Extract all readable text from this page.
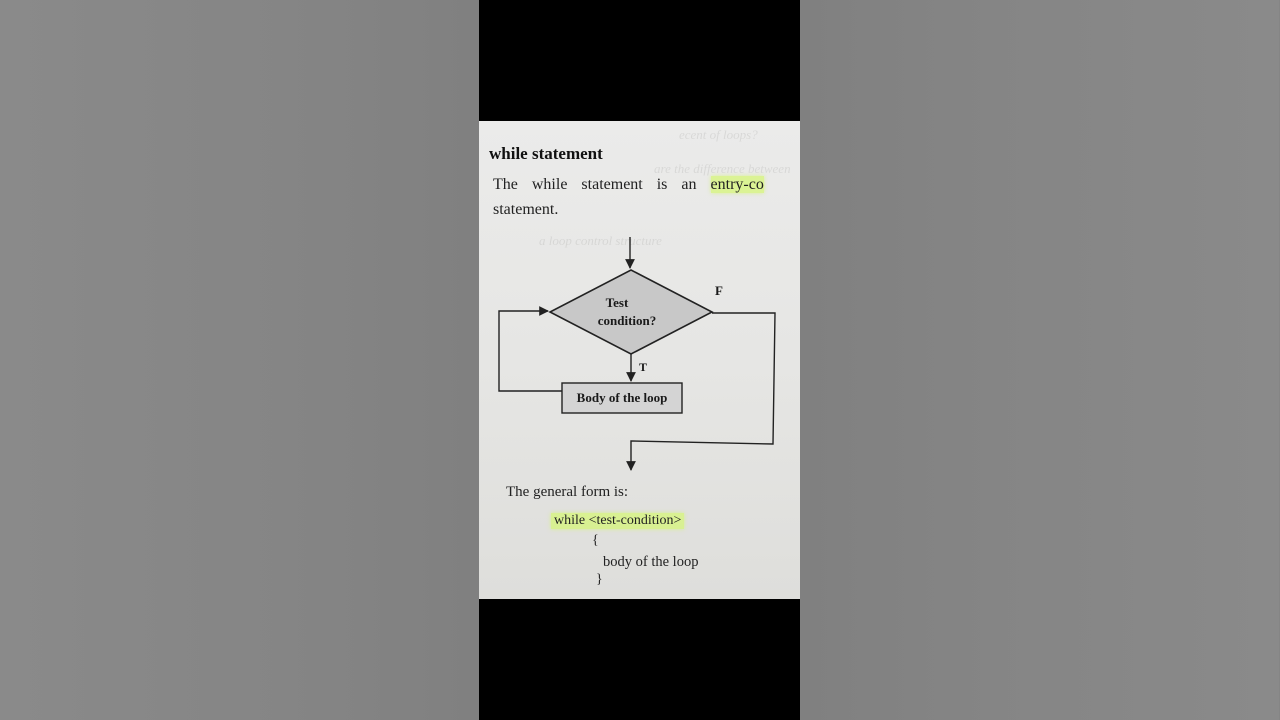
ecent of loops?
are the difference between
a loop control structure
while statement
The while statement is an entry-co
statement.
Test
condition?
T
Body of the loop
F
The general form is:
while <test-condition>
{
body of the loop
}
